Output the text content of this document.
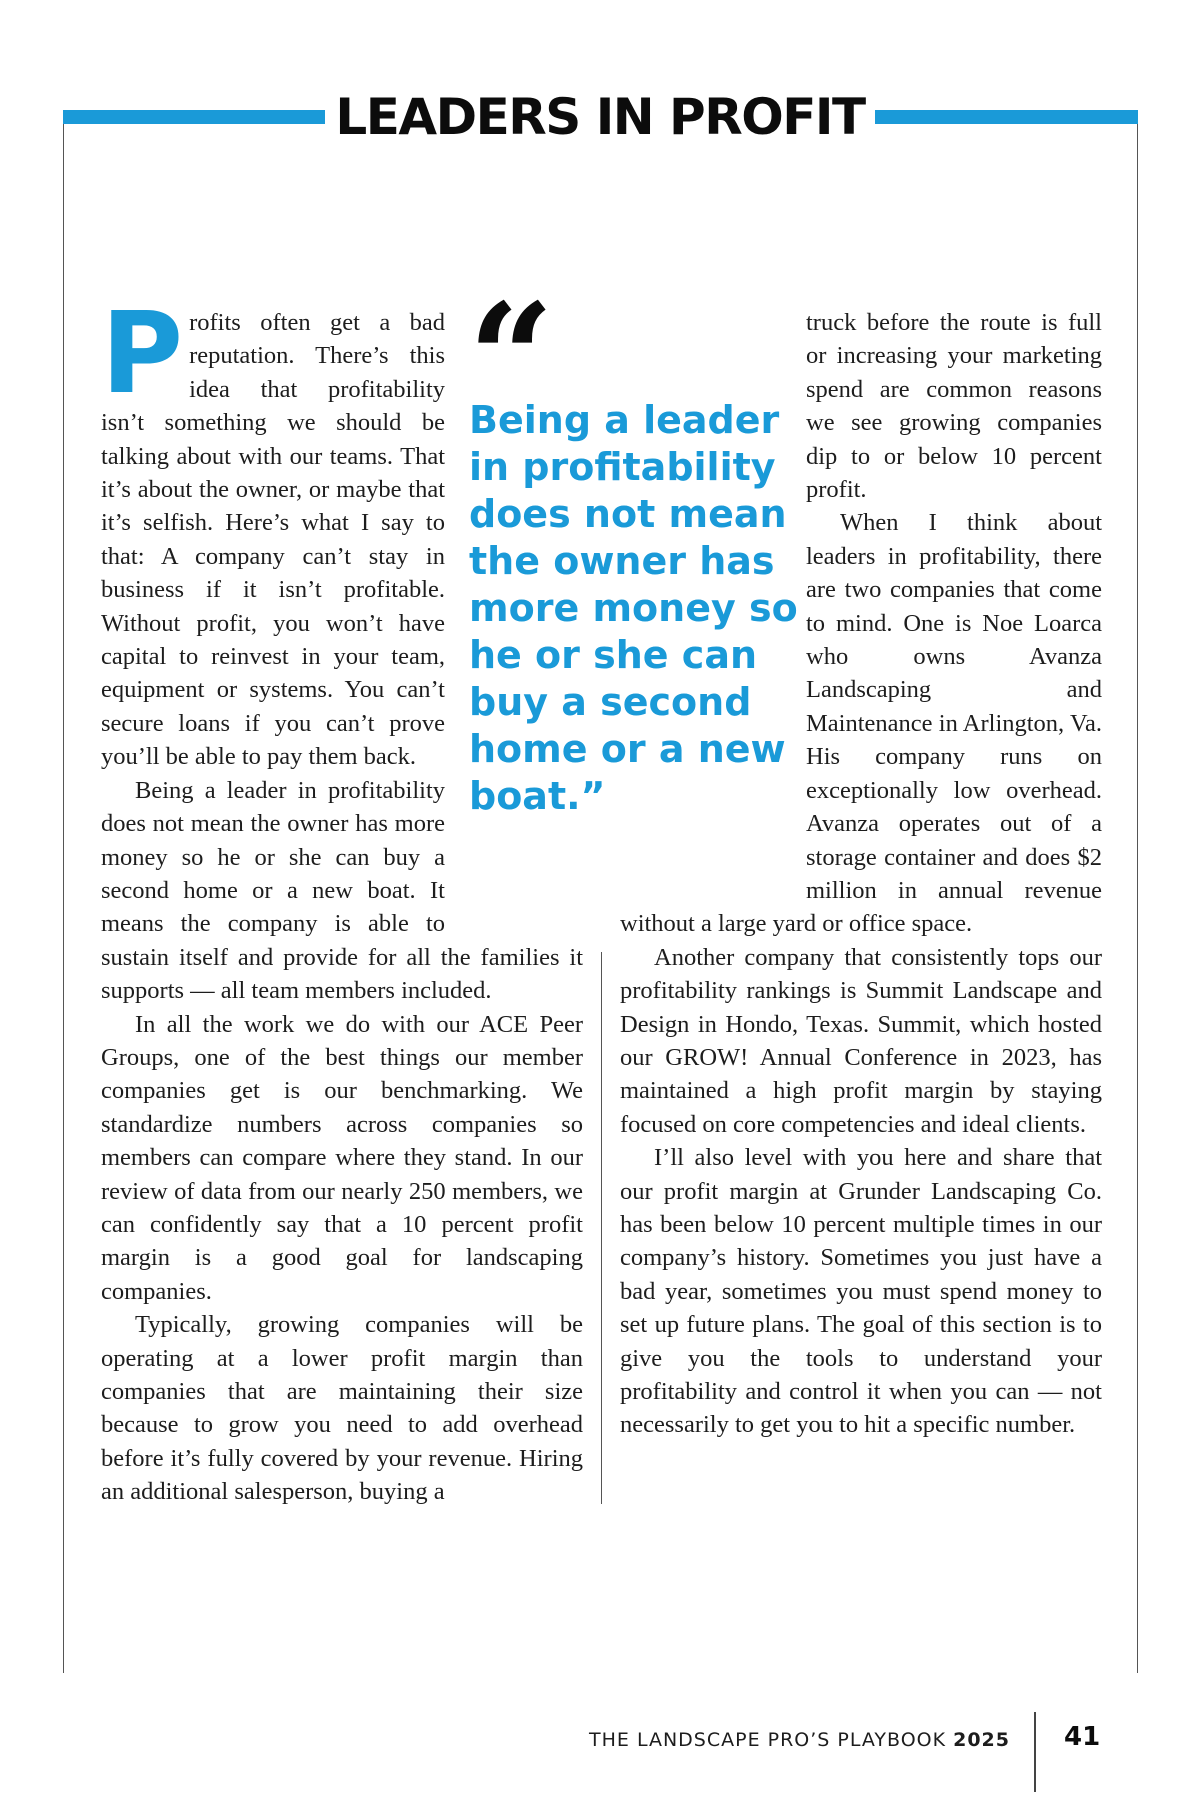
LEADERS IN PROFIT

Profits often get a bad reputation. There’s this idea that profitability isn’t something we should be talking about with our teams. That it’s about the owner, or maybe that it’s selfish. Here’s what I say to that: A company can’t stay in business if it isn’t profitable. Without profit, you won’t have capital to reinvest in your team, equipment or systems. You can’t secure loans if you can’t prove you’ll be able to pay them back.

Being a leader in profitability does not mean the owner has more money so he or she can buy a second home or a new boat. It means the company is able to sustain itself and provide for all the families it supports — all team members included.

In all the work we do with our ACE Peer Groups, one of the best things our member companies get is our benchmarking. We standardize numbers across companies so members can compare where they stand. In our review of data from our nearly 250 members, we can confidently say that a 10 percent profit margin is a good goal for landscaping companies.

Typically, growing companies will be operating at a lower profit margin than companies that are maintaining their size because to grow you need to add overhead before it’s fully covered by your revenue. Hiring an additional salesperson, buying a

truck before the route is full or increasing your marketing spend are common reasons we see growing companies dip to or below 10 percent profit.

When I think about leaders in profitability, there are two companies that come to mind. One is Noe Loarca who owns Avanza Landscaping and Maintenance in Arlington, Va. His company runs on exceptionally low overhead. Avanza operates out of a storage container and does $2 million in annual revenue without a large yard or office space.

Another company that consistently tops our profitability rankings is Summit Landscape and Design in Hondo, Texas. Summit, which hosted our GROW! Annual Conference in 2023, has maintained a high profit margin by staying focused on core competencies and ideal clients.

I’ll also level with you here and share that our profit margin at Grunder Landscaping Co. has been below 10 percent multiple times in our company’s history. Sometimes you just have a bad year, sometimes you must spend money to set up future plans. The goal of this section is to give you the tools to understand your profitability and control it when you can — not necessarily to get you to hit a specific number.

“

Being a leader in profitability does not mean the owner has more money so he or she can buy a second home or a new boat.”

THE LANDSCAPE PRO’S PLAYBOOK 2025 41
